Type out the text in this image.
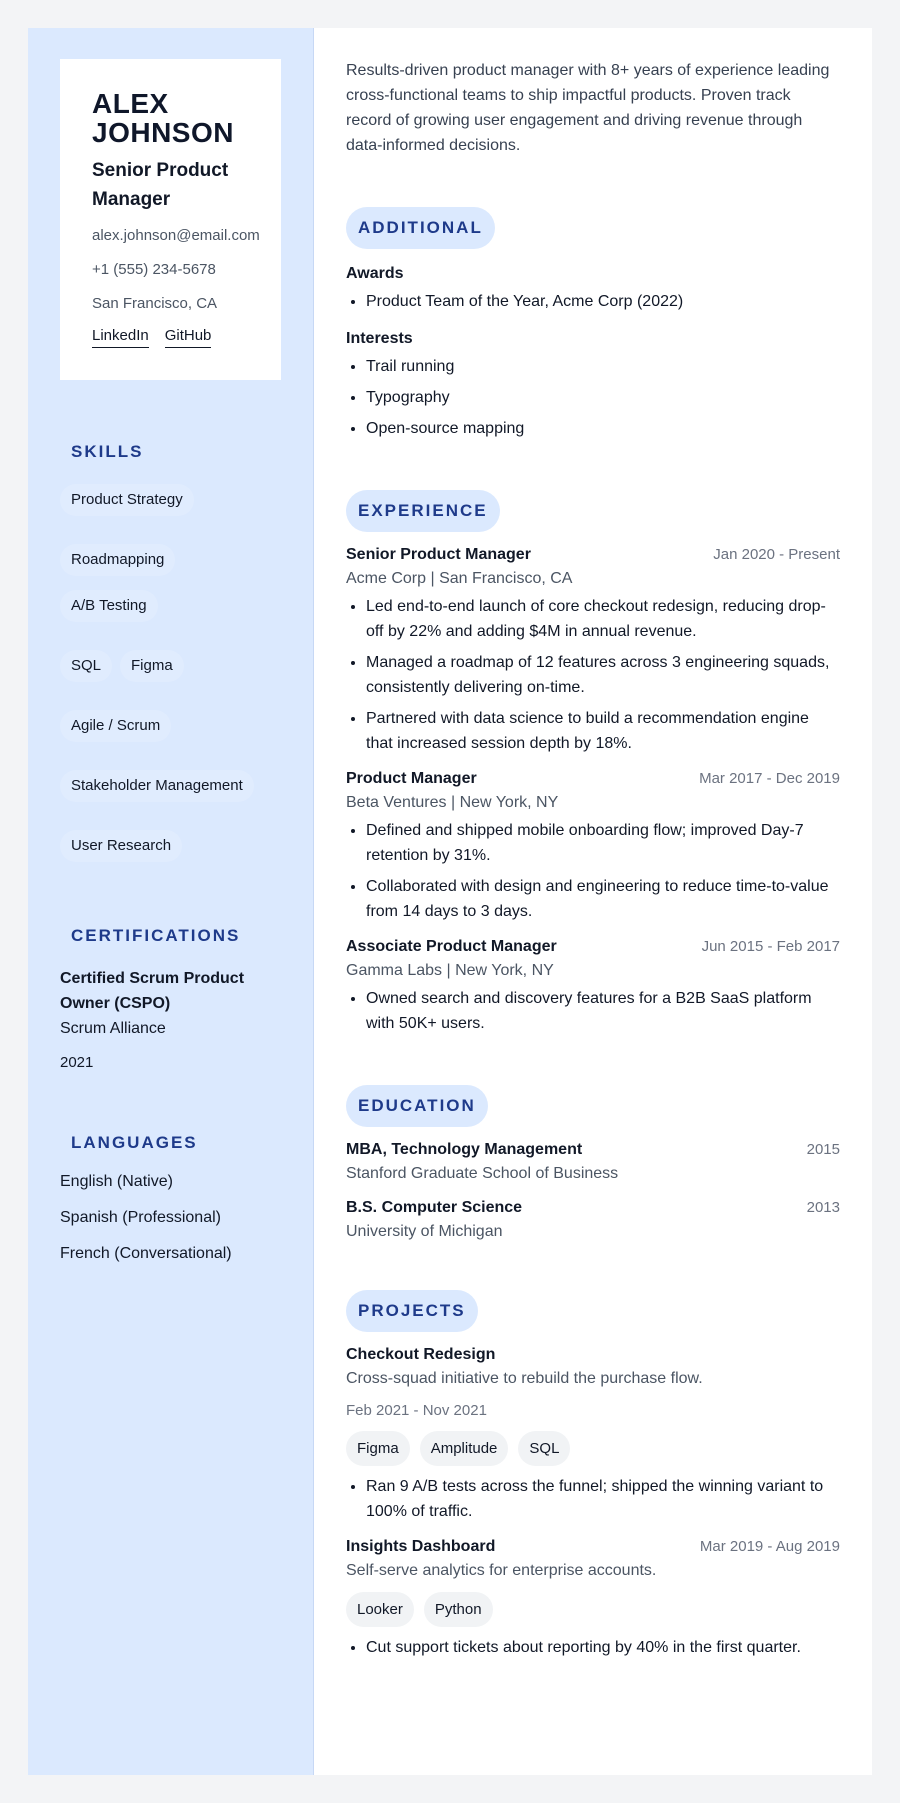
ALEX JOHNSON
Senior Product Manager
alex.johnson@email.com
+1 (555) 234-5678
San Francisco, CA
LinkedIn GitHub
SKILLS
Product Strategy
Roadmapping
A/B Testing
SQL	Figma
Agile / Scrum
Stakeholder Management
User Research
CERTIFICATIONS
Certified Scrum Product Owner (CSPO)
Scrum Alliance
2021
LANGUAGES
English (Native)
Spanish (Professional)
French (Conversational)
Results-driven product manager with 8+ years of experience leading cross-functional teams to ship impactful products. Proven track record of growing user engagement and driving revenue through data-informed decisions.
ADDITIONAL
Awards
• Product Team of the Year, Acme Corp (2022)
Interests
• Trail running
• Typography
• Open-source mapping
EXPERIENCE
Senior Product Manager	Jan 2020 - Present
Acme Corp | San Francisco, CA
• Led end-to-end launch of core checkout redesign, reducing drop-off by 22% and adding $4M in annual revenue.
• Managed a roadmap of 12 features across 3 engineering squads, consistently delivering on-time.
• Partnered with data science to build a recommendation engine that increased session depth by 18%.
Product Manager	Mar 2017 - Dec 2019
Beta Ventures | New York, NY
• Defined and shipped mobile onboarding flow; improved Day-7 retention by 31%.
• Collaborated with design and engineering to reduce time-to-value from 14 days to 3 days.
Associate Product Manager	Jun 2015 - Feb 2017
Gamma Labs | New York, NY
• Owned search and discovery features for a B2B SaaS platform with 50K+ users.
EDUCATION
MBA, Technology Management	2015
Stanford Graduate School of Business
B.S. Computer Science	2013
University of Michigan
PROJECTS
Checkout Redesign
Cross-squad initiative to rebuild the purchase flow.
Feb 2021 - Nov 2021
Figma	Amplitude	SQL
• Ran 9 A/B tests across the funnel; shipped the winning variant to 100% of traffic.
Insights Dashboard	Mar 2019 - Aug 2019
Self-serve analytics for enterprise accounts.
Looker	Python
• Cut support tickets about reporting by 40% in the first quarter.
